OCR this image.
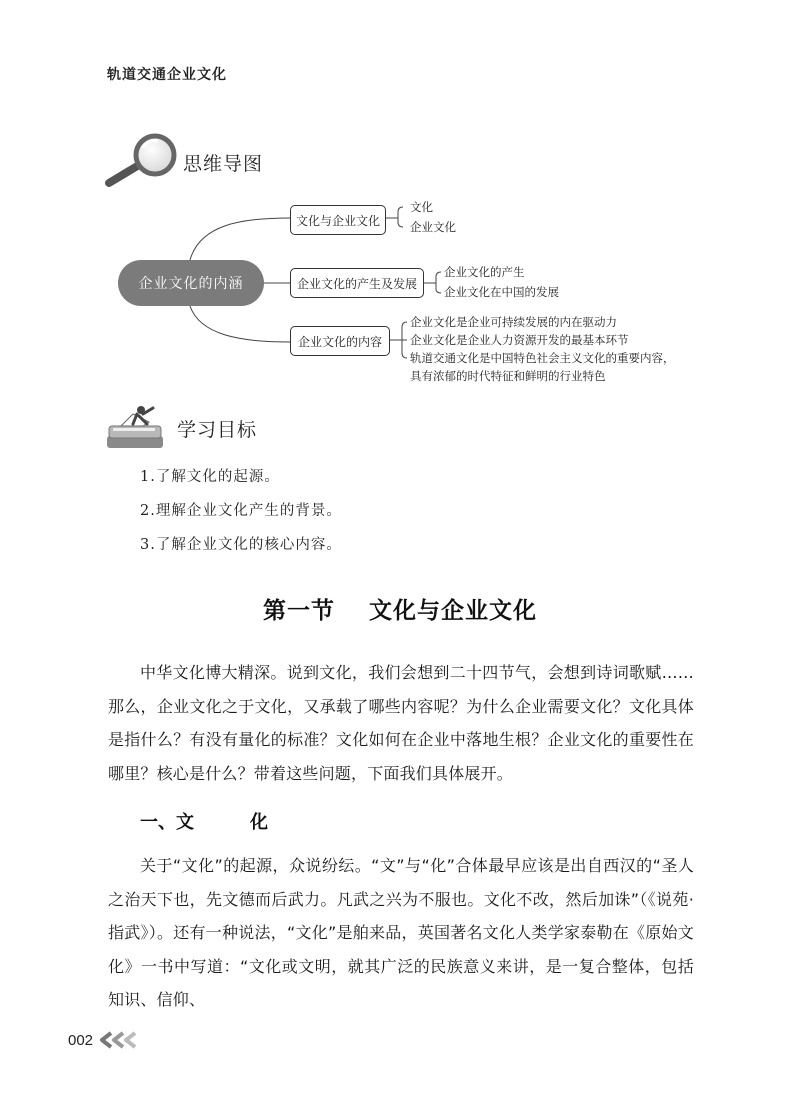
轨道交通企业文化
思维导图
企业文化的内涵
文化与企业文化
文化
企业文化
企业文化的产生及发展
企业文化的产生
企业文化在中国的发展
企业文化的内容
企业文化是企业可持续发展的内在驱动力
企业文化是企业人力资源开发的最基本环节
轨道交通文化是中国特色社会主义文化的重要内容，
具有浓郁的时代特征和鲜明的行业特色
学习目标
1.了解文化的起源。
2.理解企业文化产生的背景。
3.了解企业文化的核心内容。
第一节 文化与企业文化
中华文化博大精深。说到文化，我们会想到二十四节气，会想到诗词歌赋……那么，企业文化之于文化，又承载了哪些内容呢？为什么企业需要文化？文化具体是指什么？有没有量化的标准？文化如何在企业中落地生根？企业文化的重要性在哪里？核心是什么？带着这些问题，下面我们具体展开。
一、文	化
关于“文化”的起源，众说纷纭。“文”与“化”合体最早应该是出自西汉的“圣人之治天下也，先文德而后武力。凡武之兴为不服也。文化不改，然后加诛”（《说苑·指武》）。还有一种说法，“文化”是舶来品，英国著名文化人类学家泰勒在《原始文化》一书中写道：“文化或文明，就其广泛的民族意义来讲，是一复合整体，包括知识、信仰、
002
